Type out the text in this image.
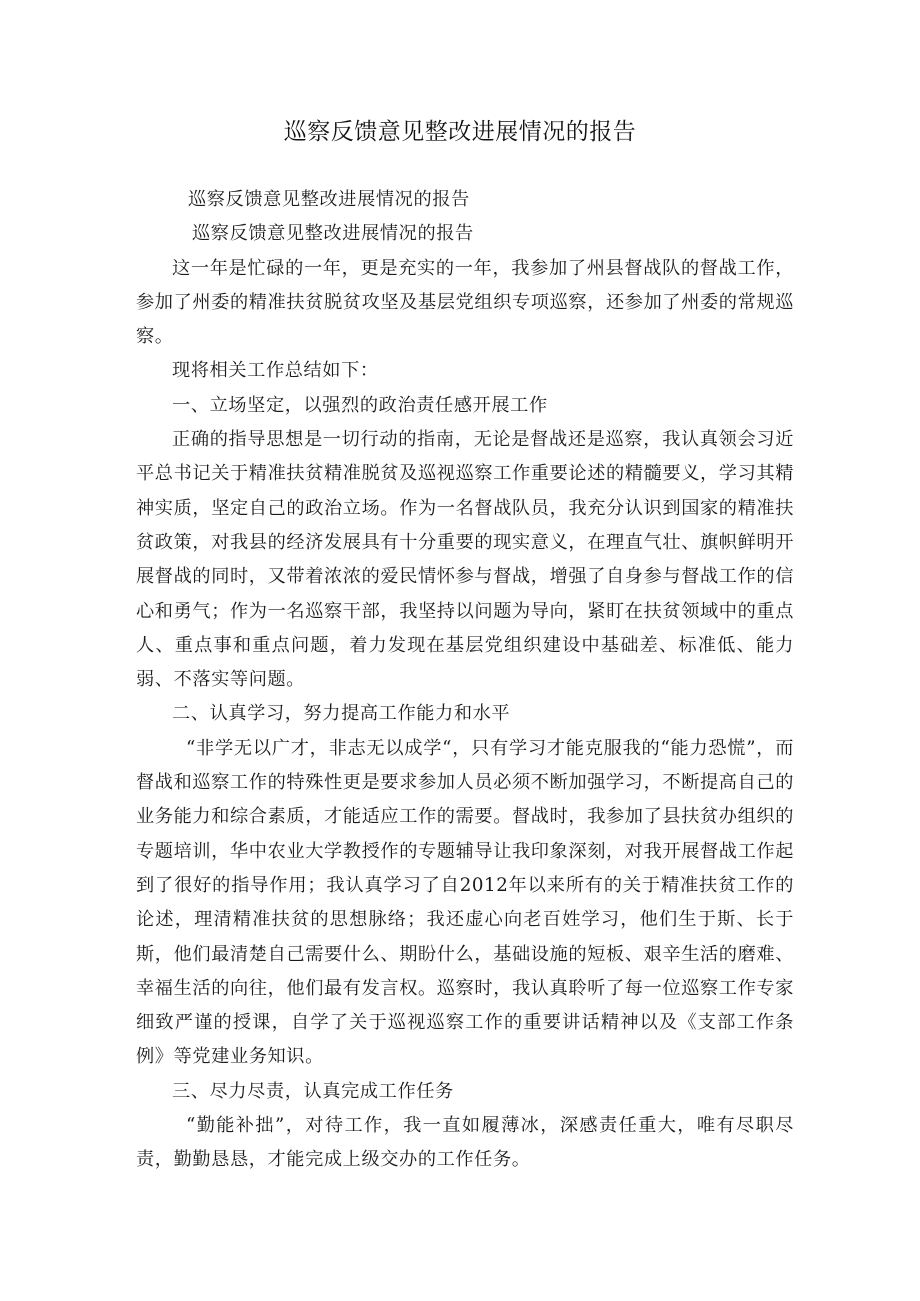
巡察反馈意见整改进展情况的报告

巡察反馈意见整改进展情况的报告

巡察反馈意见整改进展情况的报告

这一年是忙碌的一年，更是充实的一年，我参加了州县督战队的督战工作，参加了州委的精准扶贫脱贫攻坚及基层党组织专项巡察，还参加了州委的常规巡察。

现将相关工作总结如下：

一、立场坚定，以强烈的政治责任感开展工作

正确的指导思想是一切行动的指南，无论是督战还是巡察，我认真领会习近平总书记关于精准扶贫精准脱贫及巡视巡察工作重要论述的精髓要义，学习其精神实质，坚定自己的政治立场。作为一名督战队员，我充分认识到国家的精准扶贫政策，对我县的经济发展具有十分重要的现实意义，在理直气壮、旗帜鲜明开展督战的同时，又带着浓浓的爱民情怀参与督战，增强了自身参与督战工作的信心和勇气；作为一名巡察干部，我坚持以问题为导向，紧盯在扶贫领域中的重点人、重点事和重点问题，着力发现在基层党组织建设中基础差、标准低、能力弱、不落实等问题。

二、认真学习，努力提高工作能力和水平

“非学无以广才，非志无以成学“，只有学习才能克服我的“能力恐慌”，而督战和巡察工作的特殊性更是要求参加人员必须不断加强学习，不断提高自己的业务能力和综合素质，才能适应工作的需要。督战时，我参加了县扶贫办组织的专题培训，华中农业大学教授作的专题辅导让我印象深刻，对我开展督战工作起到了很好的指导作用；我认真学习了自2012年以来所有的关于精准扶贫工作的论述，理清精准扶贫的思想脉络；我还虚心向老百姓学习，他们生于斯、长于斯，他们最清楚自己需要什么、期盼什么，基础设施的短板、艰辛生活的磨难、幸福生活的向往，他们最有发言权。巡察时，我认真聆听了每一位巡察工作专家细致严谨的授课，自学了关于巡视巡察工作的重要讲话精神以及《支部工作条例》等党建业务知识。

三、尽力尽责，认真完成工作任务

“勤能补拙”，对待工作，我一直如履薄冰，深感责任重大，唯有尽职尽责，勤勤恳恳，才能完成上级交办的工作任务。
